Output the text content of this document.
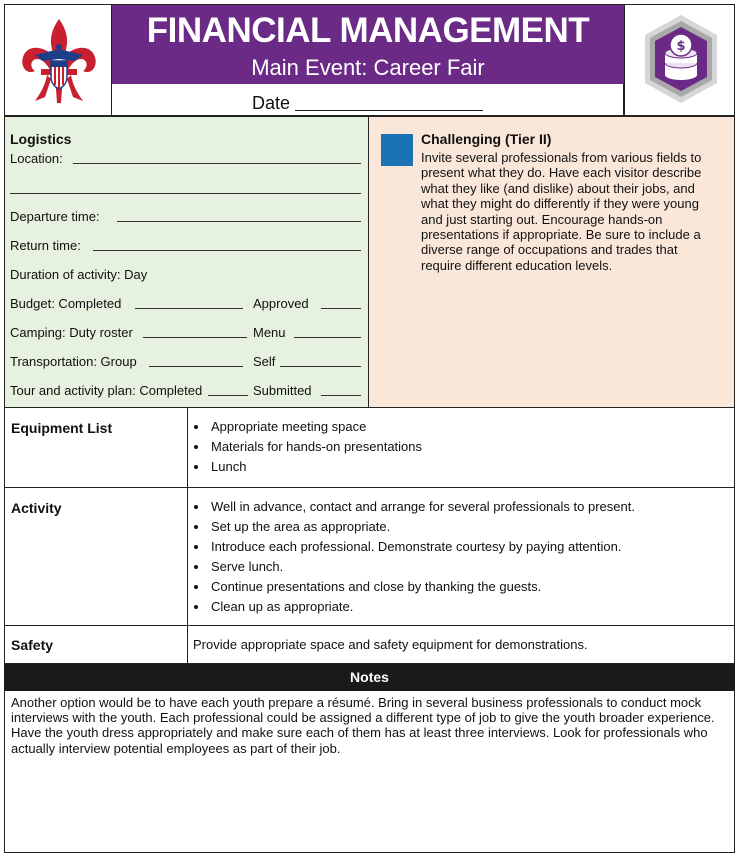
FINANCIAL MANAGEMENT
Main Event: Career Fair
Date
$
Logistics
Location:
Departure time:
Return time:
Duration of activity: Day
Budget: Completed	Approved
Camping: Duty roster	Menu
Transportation: Group	Self
Tour and activity plan: Completed	Submitted
Challenging (Tier II)
Invite several professionals from various fields to present what they do. Have each visitor describe what they like (and dislike) about their jobs, and what they might do differently if they were young and just starting out. Encourage hands-on presentations if appropriate. Be sure to include a diverse range of occupations and trades that require different education levels.
Equipment List	• Appropriate meeting space
• Materials for hands-on presentations
• Lunch
Activity	• Well in advance, contact and arrange for several professionals to present.
• Set up the area as appropriate.
• Introduce each professional. Demonstrate courtesy by paying attention.
• Serve lunch.
• Continue presentations and close by thanking the guests.
• Clean up as appropriate.
Safety	Provide appropriate space and safety equipment for demonstrations.
Notes
Another option would be to have each youth prepare a résumé. Bring in several business professionals to conduct mock interviews with the youth. Each professional could be assigned a different type of job to give the youth broader experience. Have the youth dress appropriately and make sure each of them has at least three interviews. Look for professionals who actually interview potential employees as part of their job.
